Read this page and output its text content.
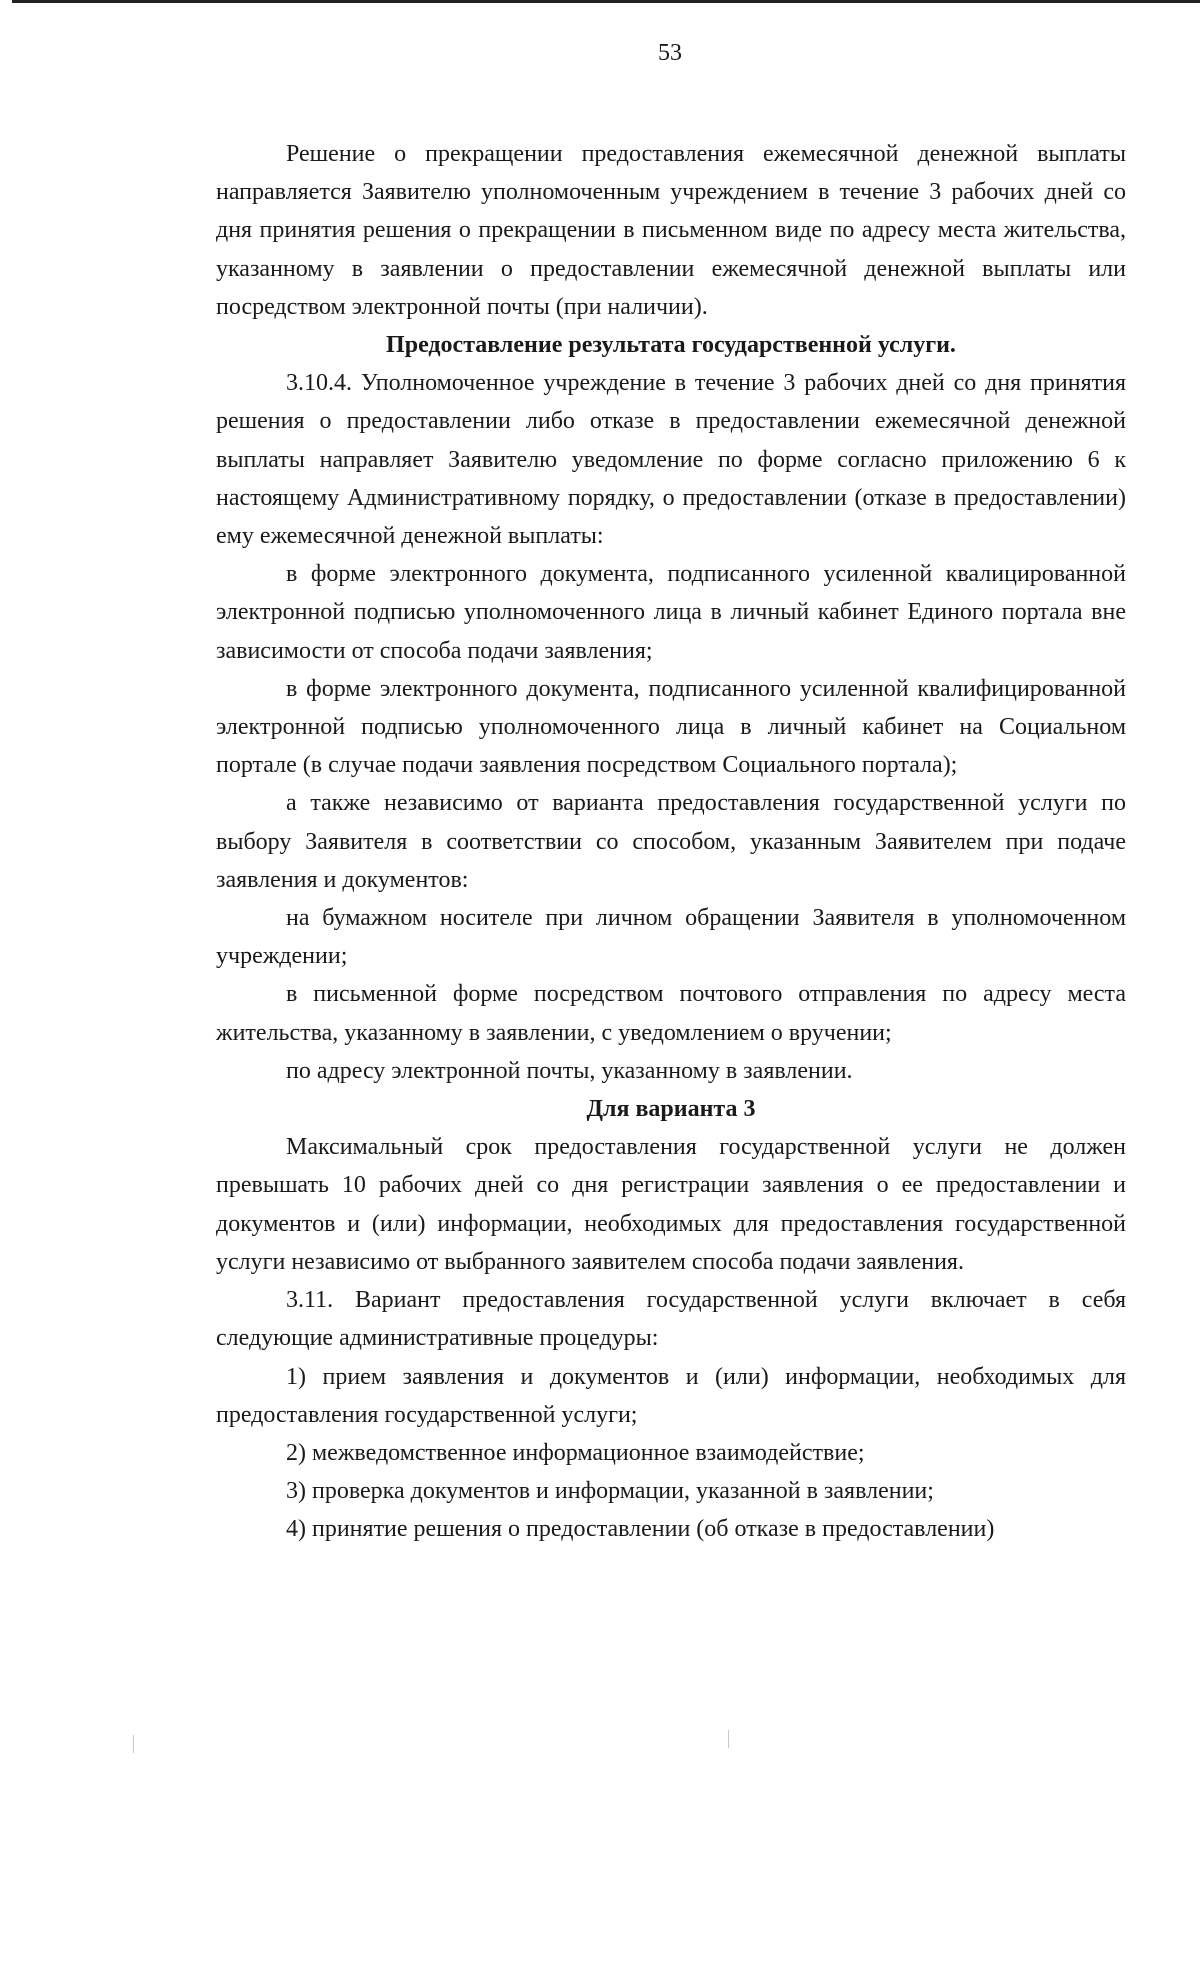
53

Решение о прекращении предоставления ежемесячной денежной выплаты направляется Заявителю уполномоченным учреждением в течение 3 рабочих дней со дня принятия решения о прекращении в письменном виде по адресу места жительства, указанному в заявлении о предоставлении ежемесячной денежной выплаты или посредством электронной почты (при наличии).

Предоставление результата государственной услуги.

3.10.4. Уполномоченное учреждение в течение 3 рабочих дней со дня принятия решения о предоставлении либо отказе в предоставлении ежемесячной денежной выплаты направляет Заявителю уведомление по форме согласно приложению 6 к настоящему Административному порядку, о предоставлении (отказе в предоставлении) ему ежемесячной денежной выплаты:

в форме электронного документа, подписанного усиленной квалицированной электронной подписью уполномоченного лица в личный кабинет Единого портала вне зависимости от способа подачи заявления;

в форме электронного документа, подписанного усиленной квалифицированной электронной подписью уполномоченного лица в личный кабинет на Социальном портале (в случае подачи заявления посредством Социального портала);

а также независимо от варианта предоставления государственной услуги по выбору Заявителя в соответствии со способом, указанным Заявителем при подаче заявления и документов:

на бумажном носителе при личном обращении Заявителя в уполномоченном учреждении;

в письменной форме посредством почтового отправления по адресу места жительства, указанному в заявлении, с уведомлением о вручении;

по адресу электронной почты, указанному в заявлении.

Для варианта 3

Максимальный срок предоставления государственной услуги не должен превышать 10 рабочих дней со дня регистрации заявления о ее предоставлении и документов и (или) информации, необходимых для предоставления государственной услуги независимо от выбранного заявителем способа подачи заявления.

3.11. Вариант предоставления государственной услуги включает в себя следующие административные процедуры:

1) прием заявления и документов и (или) информации, необходимых для предоставления государственной услуги;

2) межведомственное информационное взаимодействие;

3) проверка документов и информации, указанной в заявлении;

4) принятие решения о предоставлении (об отказе в предоставлении)
